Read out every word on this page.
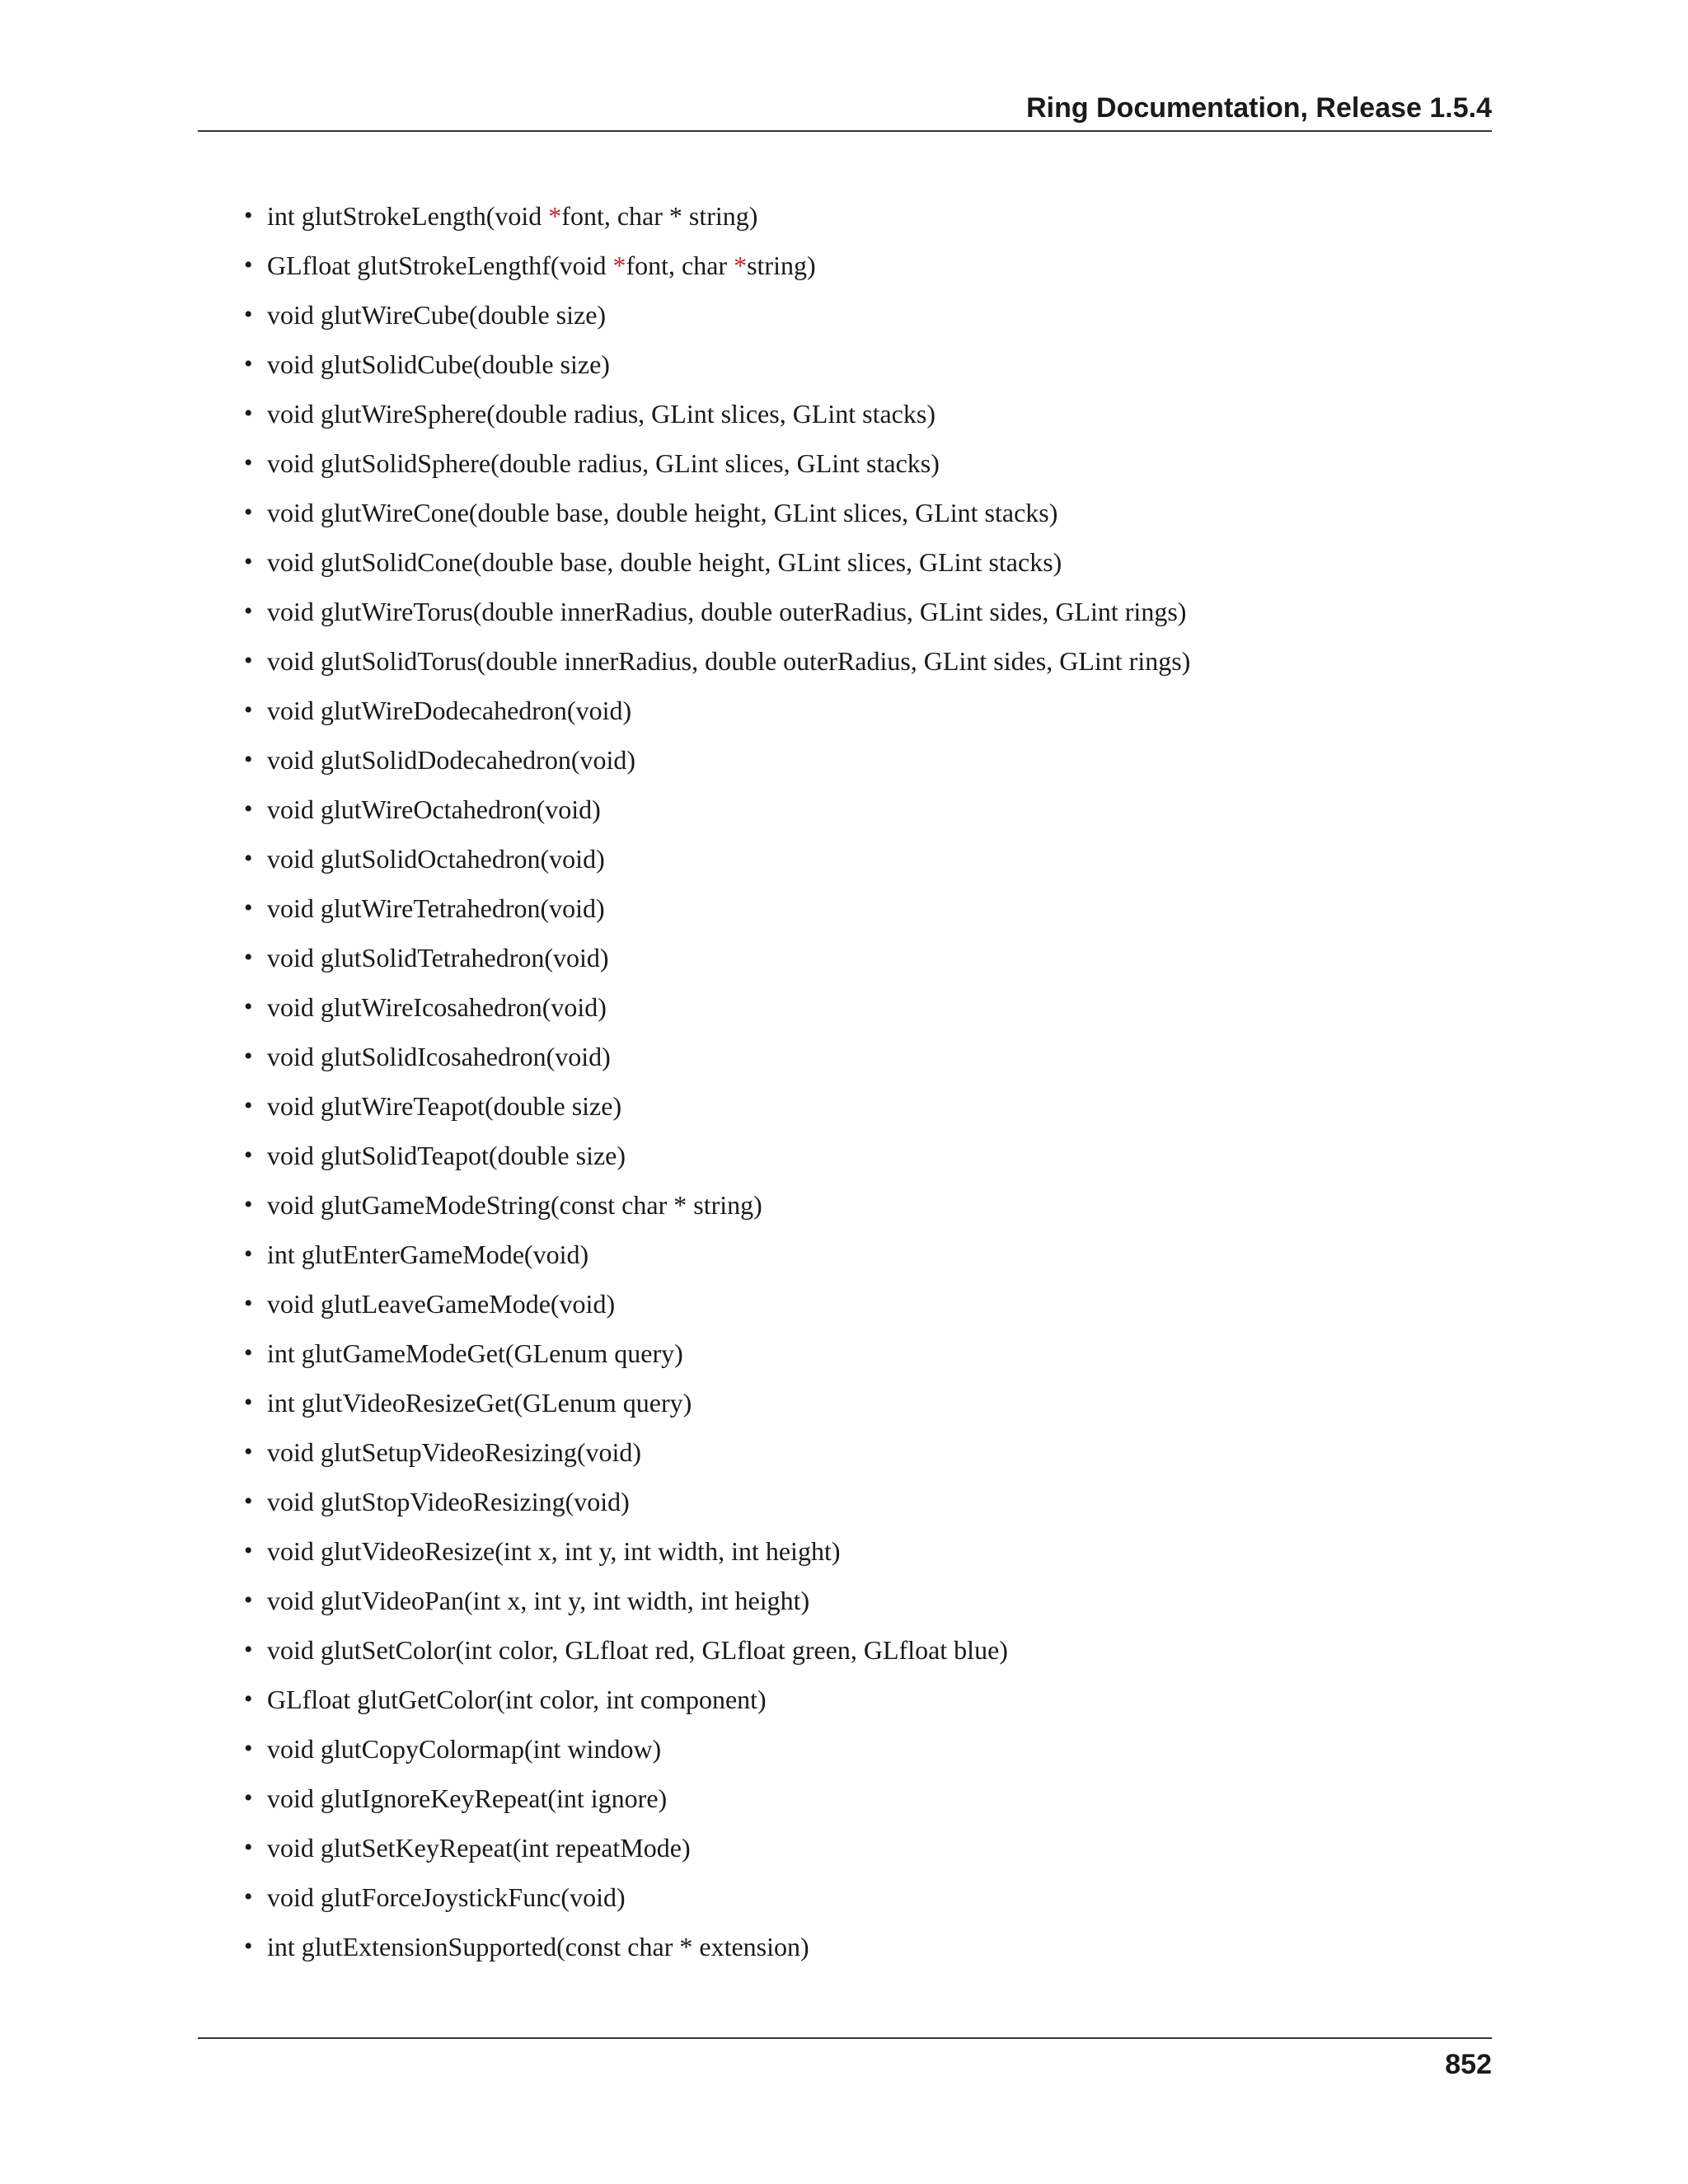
Ring Documentation, Release 1.5.4
• int glutStrokeLength(void *font, char * string)
• GLfloat glutStrokeLengthf(void *font, char *string)
• void glutWireCube(double size)
• void glutSolidCube(double size)
• void glutWireSphere(double radius, GLint slices, GLint stacks)
• void glutSolidSphere(double radius, GLint slices, GLint stacks)
• void glutWireCone(double base, double height, GLint slices, GLint stacks)
• void glutSolidCone(double base, double height, GLint slices, GLint stacks)
• void glutWireTorus(double innerRadius, double outerRadius, GLint sides, GLint rings)
• void glutSolidTorus(double innerRadius, double outerRadius, GLint sides, GLint rings)
• void glutWireDodecahedron(void)
• void glutSolidDodecahedron(void)
• void glutWireOctahedron(void)
• void glutSolidOctahedron(void)
• void glutWireTetrahedron(void)
• void glutSolidTetrahedron(void)
• void glutWireIcosahedron(void)
• void glutSolidIcosahedron(void)
• void glutWireTeapot(double size)
• void glutSolidTeapot(double size)
• void glutGameModeString(const char * string)
• int glutEnterGameMode(void)
• void glutLeaveGameMode(void)
• int glutGameModeGet(GLenum query)
• int glutVideoResizeGet(GLenum query)
• void glutSetupVideoResizing(void)
• void glutStopVideoResizing(void)
• void glutVideoResize(int x, int y, int width, int height)
• void glutVideoPan(int x, int y, int width, int height)
• void glutSetColor(int color, GLfloat red, GLfloat green, GLfloat blue)
• GLfloat glutGetColor(int color, int component)
• void glutCopyColormap(int window)
• void glutIgnoreKeyRepeat(int ignore)
• void glutSetKeyRepeat(int repeatMode)
• void glutForceJoystickFunc(void)
• int glutExtensionSupported(const char * extension)
852
